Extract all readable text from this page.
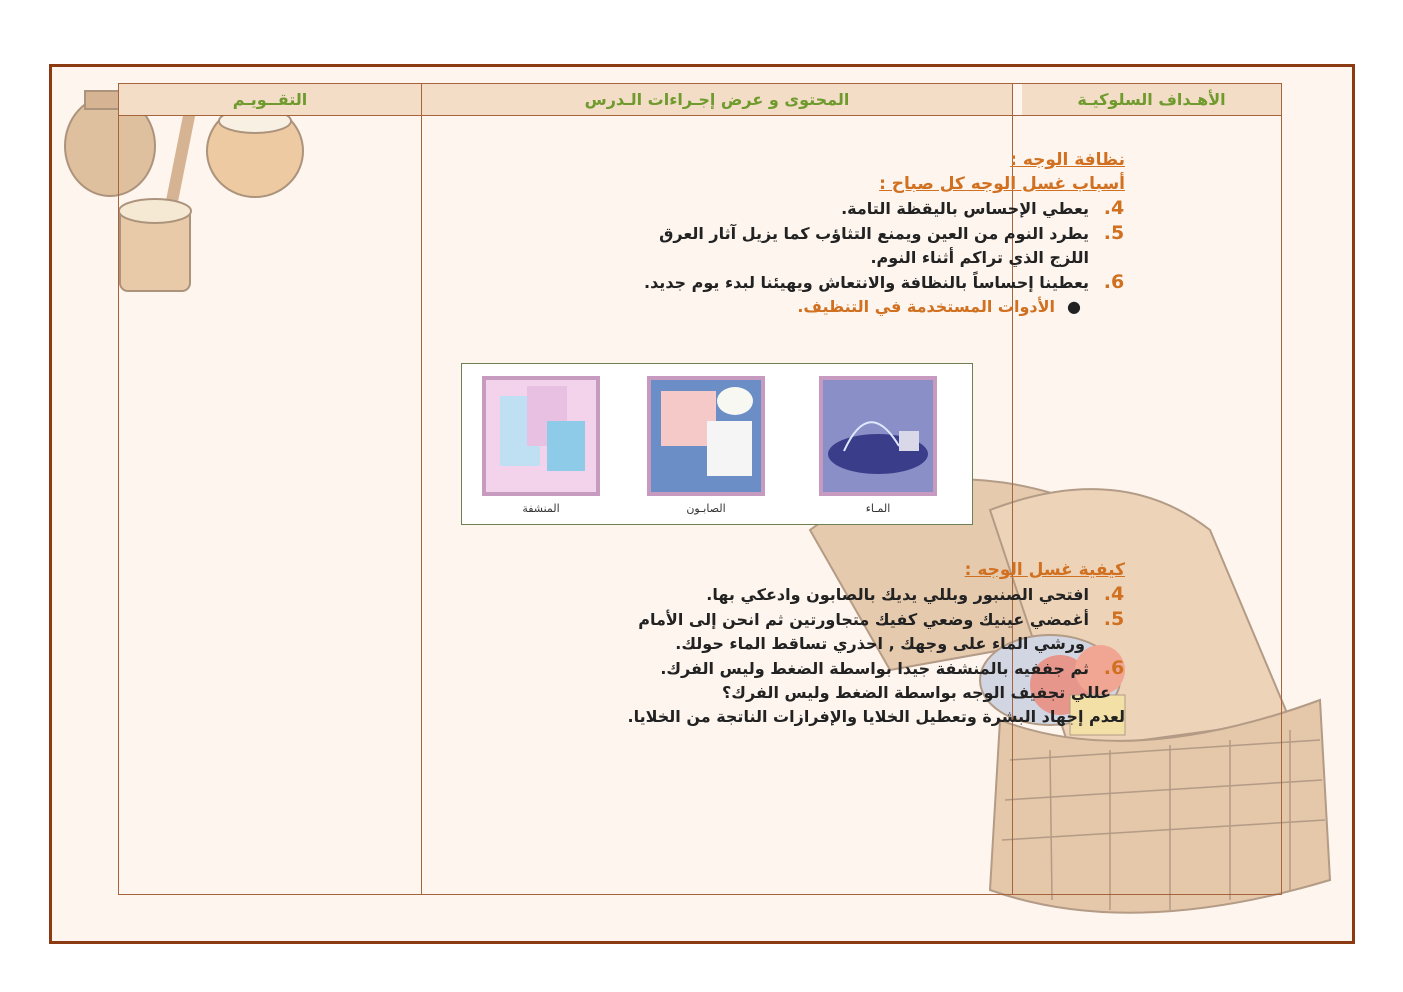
الأهـداف السلوكيـة
المحتوى و عرض إجـراءات الـدرس
التقــويـم
نظافة الوجه :
أسباب غسل الوجه كل صباح :
4.يعطي الإحساس باليقظة التامة.
5.يطرد النوم من العين ويمنع التثاؤب كما يزيل آثار العرق
اللزج الذي تراكم أثناء النوم.
6.يعطينا إحساساً بالنظافة والانتعاش ويهيئنا لبدء يوم جديد.
●الأدوات المستخدمة في التنظيف.
المنشفة	الصابـون	المـاء
كيفية غسل الوجه :
4.افتحي الصنبور وبللي يديك بالصابون وادعكي بها.
5.أغمضي عينيك وضعي كفيك متجاورتين ثم انحن إلى الأمام
ورشي الماء على وجهك , احذري تساقط الماء حولك.
6.ثم جففيه بالمنشفة جيدا بواسطة الضغط وليس الفرك.
عللي تجفيف الوجه بواسطة الضغط وليس الفرك؟
لعدم إجهاد البشرة وتعطيل الخلايا والإفرازات الناتجة من الخلايا.
